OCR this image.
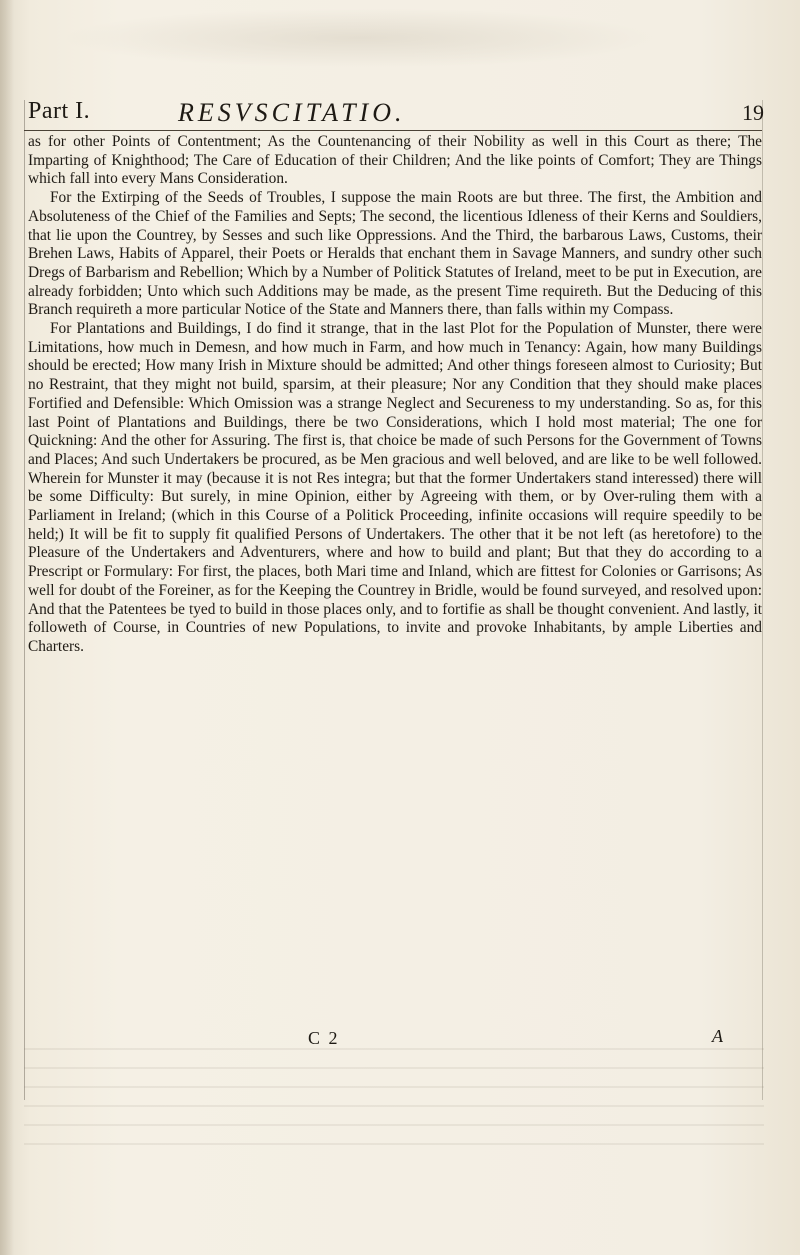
Part I.	RESVSCITATIO.	19

as for other Points of Contentment; As the Countenancing of their Nobility as well in this Court as there; The Imparting of Knighthood; The Care of Education of their Children; And the like points of Comfort; They are Things which fall into every Mans Consideration.

For the Extirping of the Seeds of Troubles, I suppose the main Roots are but three. The first, the Ambition and Absoluteness of the Chief of the Families and Septs; The second, the licentious Idleness of their Kerns and Souldiers, that lie upon the Countrey, by Sesses and such like Oppressions. And the Third, the barbarous Laws, Customs, their Brehen Laws, Habits of Apparel, their Poets or Heralds that enchant them in Savage Manners, and sundry other such Dregs of Barbarism and Rebellion; Which by a Number of Politick Statutes of Ireland, meet to be put in Execution, are already forbidden; Unto which such Additions may be made, as the present Time requireth. But the Deducing of this Branch requireth a more particular Notice of the State and Manners there, than falls within my Compass.

For Plantations and Buildings, I do find it strange, that in the last Plot for the Population of Munster, there were Limitations, how much in Demesn, and how much in Farm, and how much in Tenancy: Again, how many Buildings should be erected; How many Irish in Mixture should be admitted; And other things foreseen almost to Curiosity; But no Restraint, that they might not build, sparsim, at their pleasure; Nor any Condition that they should make places Fortified and Defensible: Which Omission was a strange Neglect and Secureness to my understanding. So as, for this last Point of Plantations and Buildings, there be two Considerations, which I hold most material; The one for Quickning: And the other for Assuring. The first is, that choice be made of such Persons for the Government of Towns and Places; And such Undertakers be procured, as be Men gracious and well beloved, and are like to be well followed. Wherein for Munster it may (because it is not Res integra; but that the former Undertakers stand interessed) there will be some Difficulty: But surely, in mine Opinion, either by Agreeing with them, or by Over-ruling them with a Parliament in Ireland; (which in this Course of a Politick Proceeding, infinite occasions will require speedily to be held;) It will be fit to supply fit qualified Persons of Undertakers. The other that it be not left (as heretofore) to the Pleasure of the Undertakers and Adventurers, where and how to build and plant; But that they do according to a Prescript or Formulary: For first, the places, both Mari time and Inland, which are fittest for Colonies or Garrisons; As well for doubt of the Foreiner, as for the Keeping the Countrey in Bridle, would be found surveyed, and resolved upon: And that the Patentees be tyed to build in those places only, and to fortifie as shall be thought convenient. And lastly, it followeth of Course, in Countries of new Populations, to invite and provoke Inhabitants, by ample Liberties and Charters.

C 2	A
